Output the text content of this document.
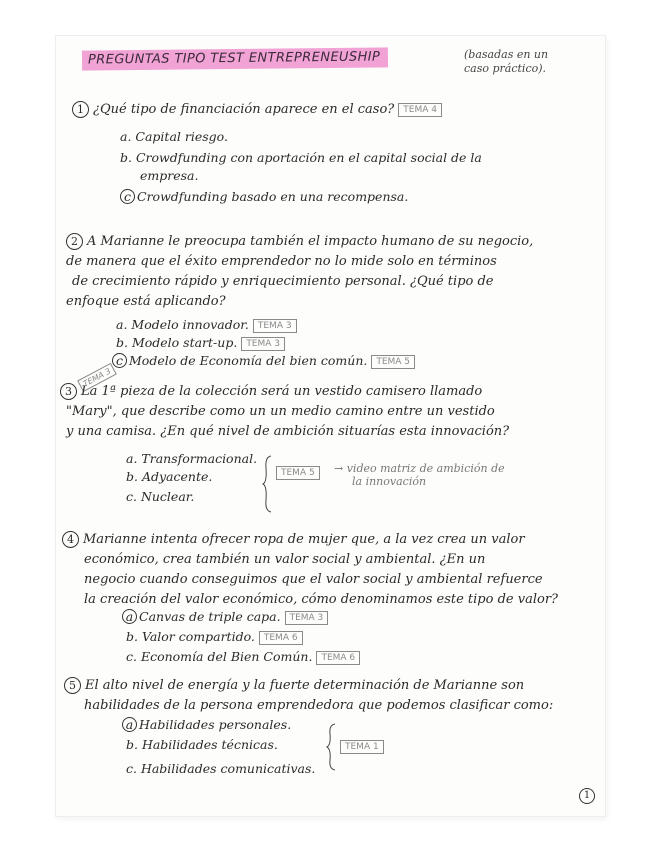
PREGUNTAS TIPO TEST ENTREPRENEUSHIP	(basadas en un
caso práctico).
1 ¿Qué tipo de financiación aparece en el caso? TEMA 4
a. Capital riesgo.
b. Crowdfunding con aportación en el capital social de la
empresa.
c Crowdfunding basado en una recompensa.
2 A Marianne le preocupa también el impacto humano de su negocio,
de manera que el éxito emprendedor no lo mide solo en términos
de crecimiento rápido y enriquecimiento personal. ¿Qué tipo de
enfoque está aplicando?
a. Modelo innovador. TEMA 3
b. Modelo start-up. TEMA 3
c Modelo de Economía del bien común. TEMA 5
TEMA 3
3 La 1ª pieza de la colección será un vestido camisero llamado
"Mary", que describe como un un medio camino entre un vestido
y una camisa. ¿En qué nivel de ambición situarías esta innovación?
a. Transformacional.
b. Adyacente.
c. Nuclear.
TEMA 5	→ video matriz de ambición de
la innovación
4 Marianne intenta ofrecer ropa de mujer que, a la vez crea un valor
económico, crea también un valor social y ambiental. ¿En un
negocio cuando conseguimos que el valor social y ambiental refuerce
la creación del valor económico, cómo denominamos este tipo de valor?
a Canvas de triple capa. TEMA 3
b. Valor compartido. TEMA 6
c. Economía del Bien Común. TEMA 6
5 El alto nivel de energía y la fuerte determinación de Marianne son
habilidades de la persona emprendedora que podemos clasificar como:
a Habilidades personales.
b. Habilidades técnicas.
c. Habilidades comunicativas.
TEMA 1
1
